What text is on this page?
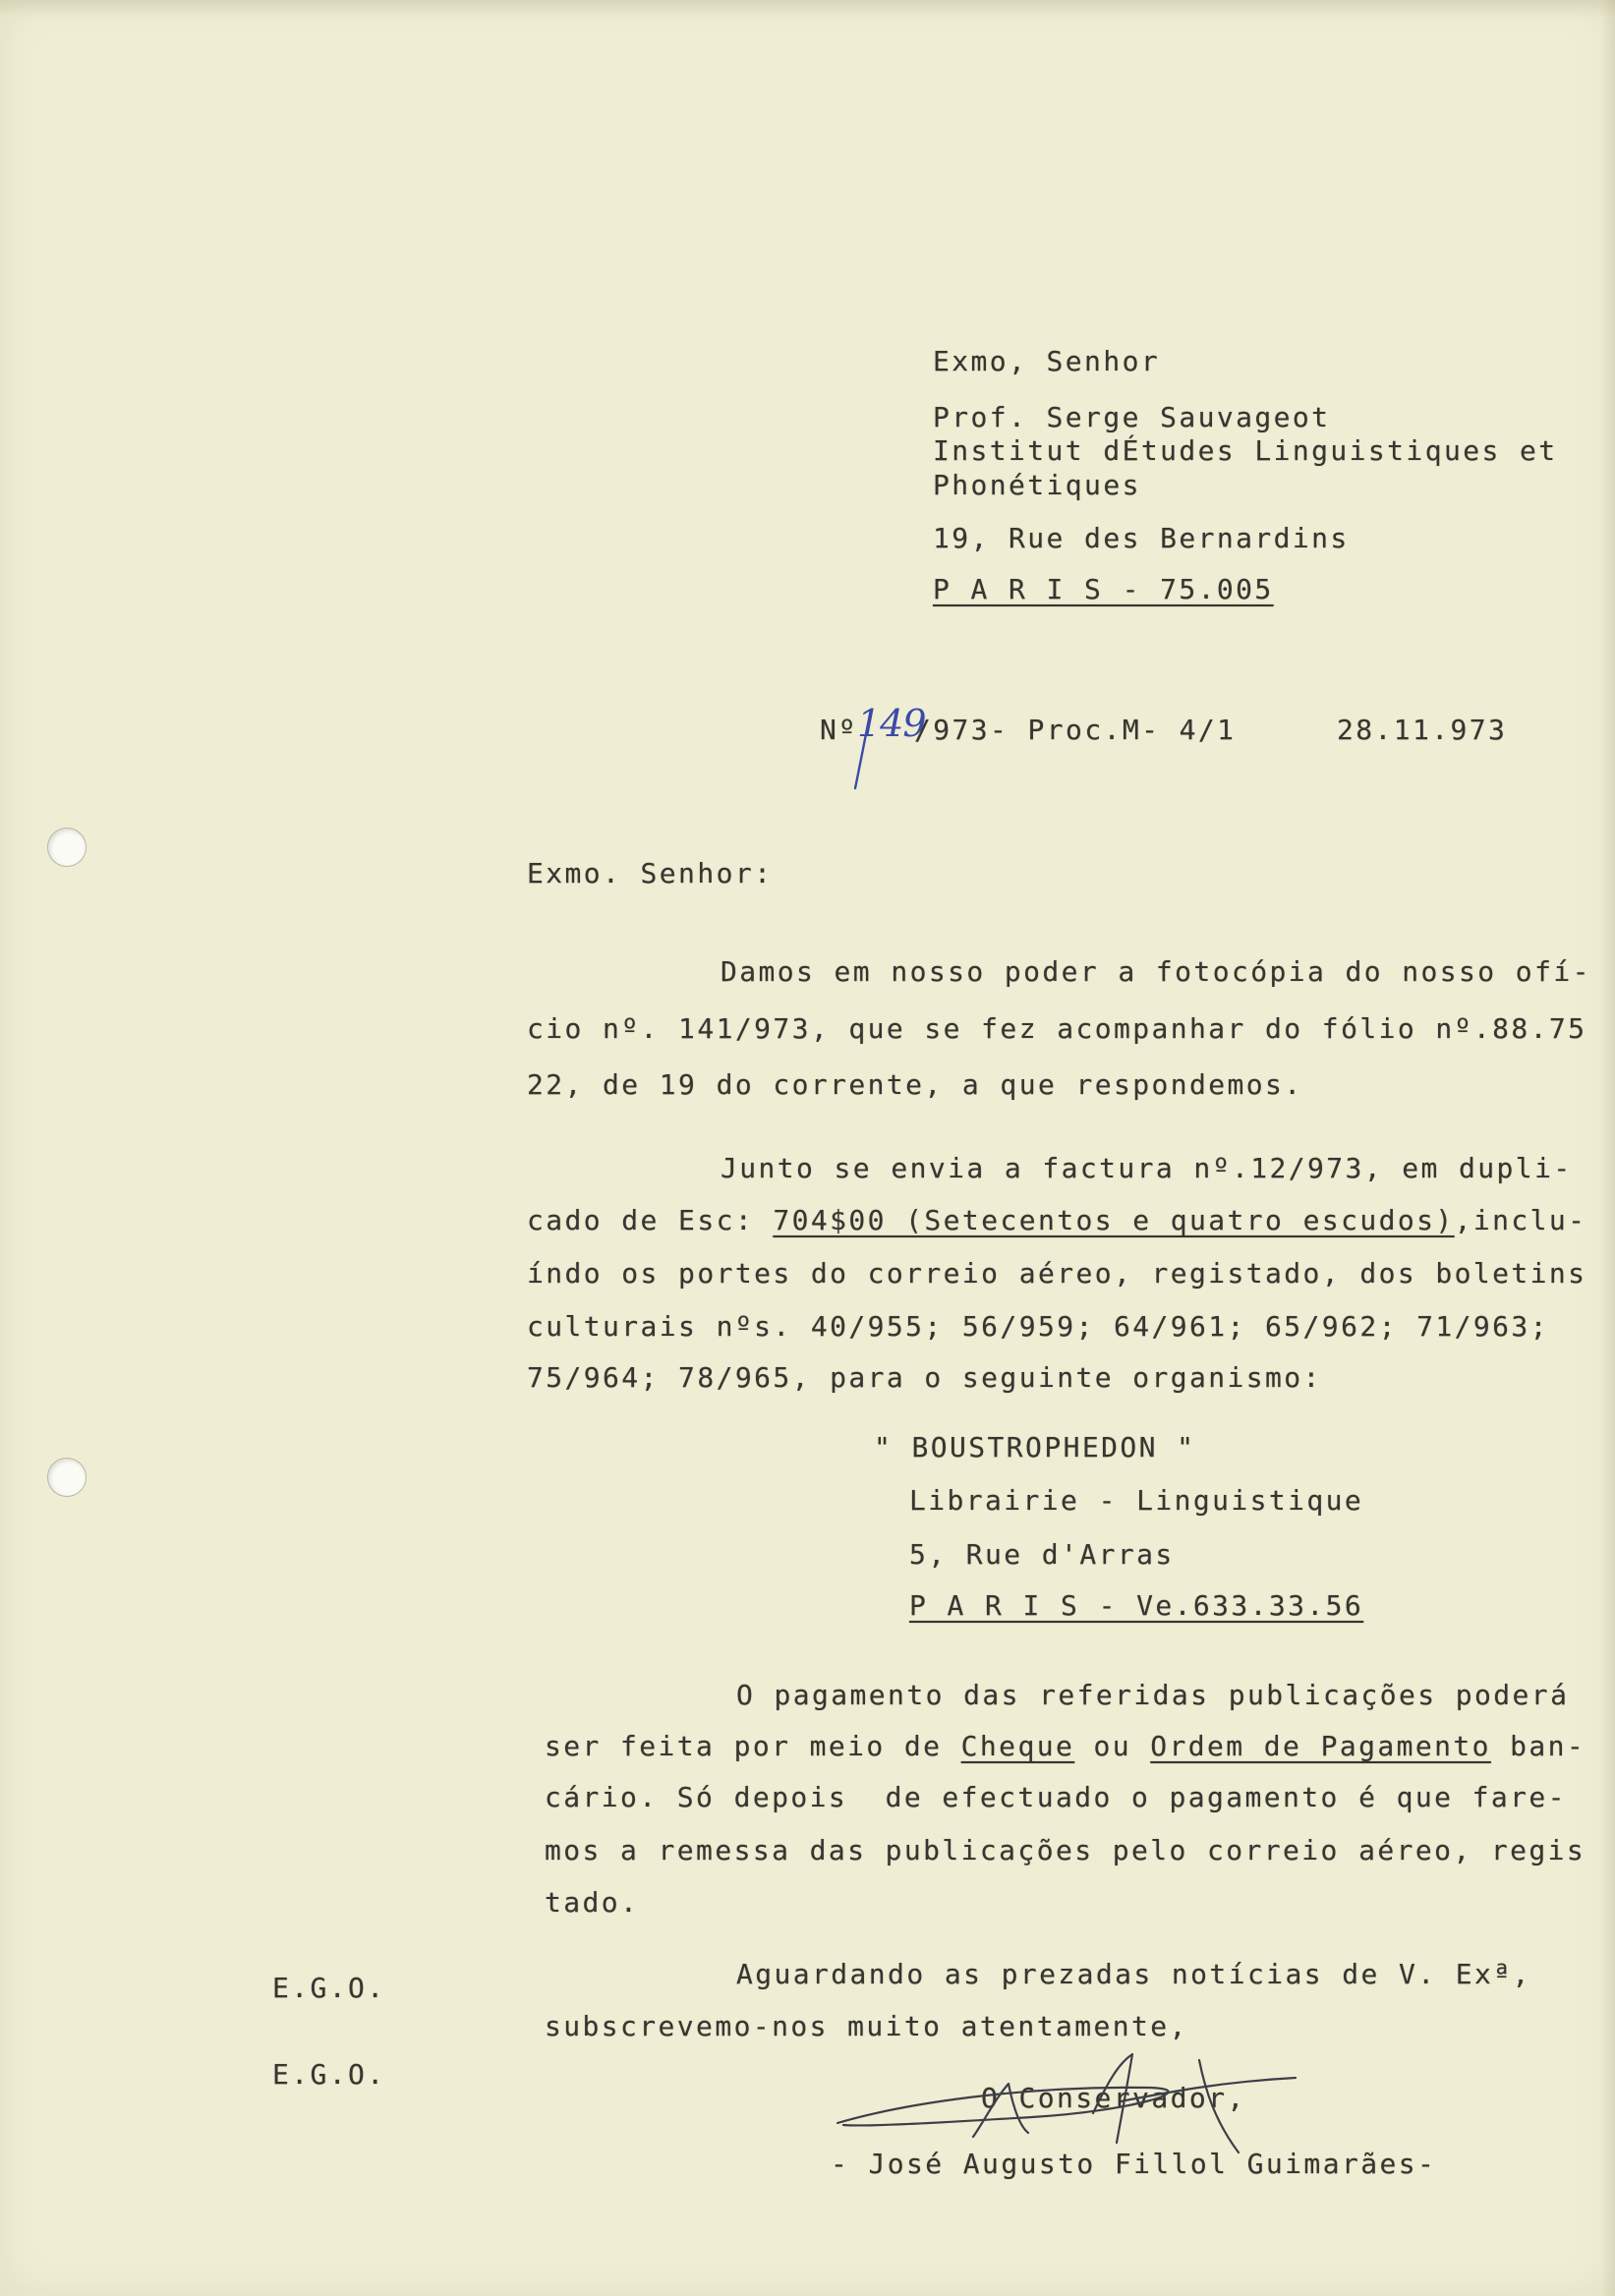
Exmo, Senhor
Prof. Serge Sauvageot
Institut dÉtudes Linguistiques et
Phonétiques
19, Rue des Bernardins
P A R I S - 75.005
Nº 149
/973- Proc.M- 4/1	28.11.973
Exmo. Senhor:
Damos em nosso poder a fotocópia do nosso ofí-
cio nº. 141/973, que se fez acompanhar do fólio nº.88.75
22, de 19 do corrente, a que respondemos.
Junto se envia a factura nº.12/973, em dupli-
cado de Esc: 704$00 (Setecentos e quatro escudos),inclu-
índo os portes do correio aéreo, registado, dos boletins
culturais nºs. 40/955; 56/959; 64/961; 65/962; 71/963;
75/964; 78/965, para o seguinte organismo:
" BOUSTROPHEDON "
Librairie - Linguistique
5, Rue d'Arras
P A R I S - Ve.633.33.56
O pagamento das referidas publicações poderá
ser feita por meio de Cheque ou Ordem de Pagamento ban-
cário. Só depois  de efectuado o pagamento é que fare-
mos a remessa das publicações pelo correio aéreo, regis
tado.
E.G.O.
E.G.O.
Aguardando as prezadas notícias de V. Exª,
subscrevemo-nos muito atentamente,
O Conservador,
- José Augusto Fillol Guimarães-
